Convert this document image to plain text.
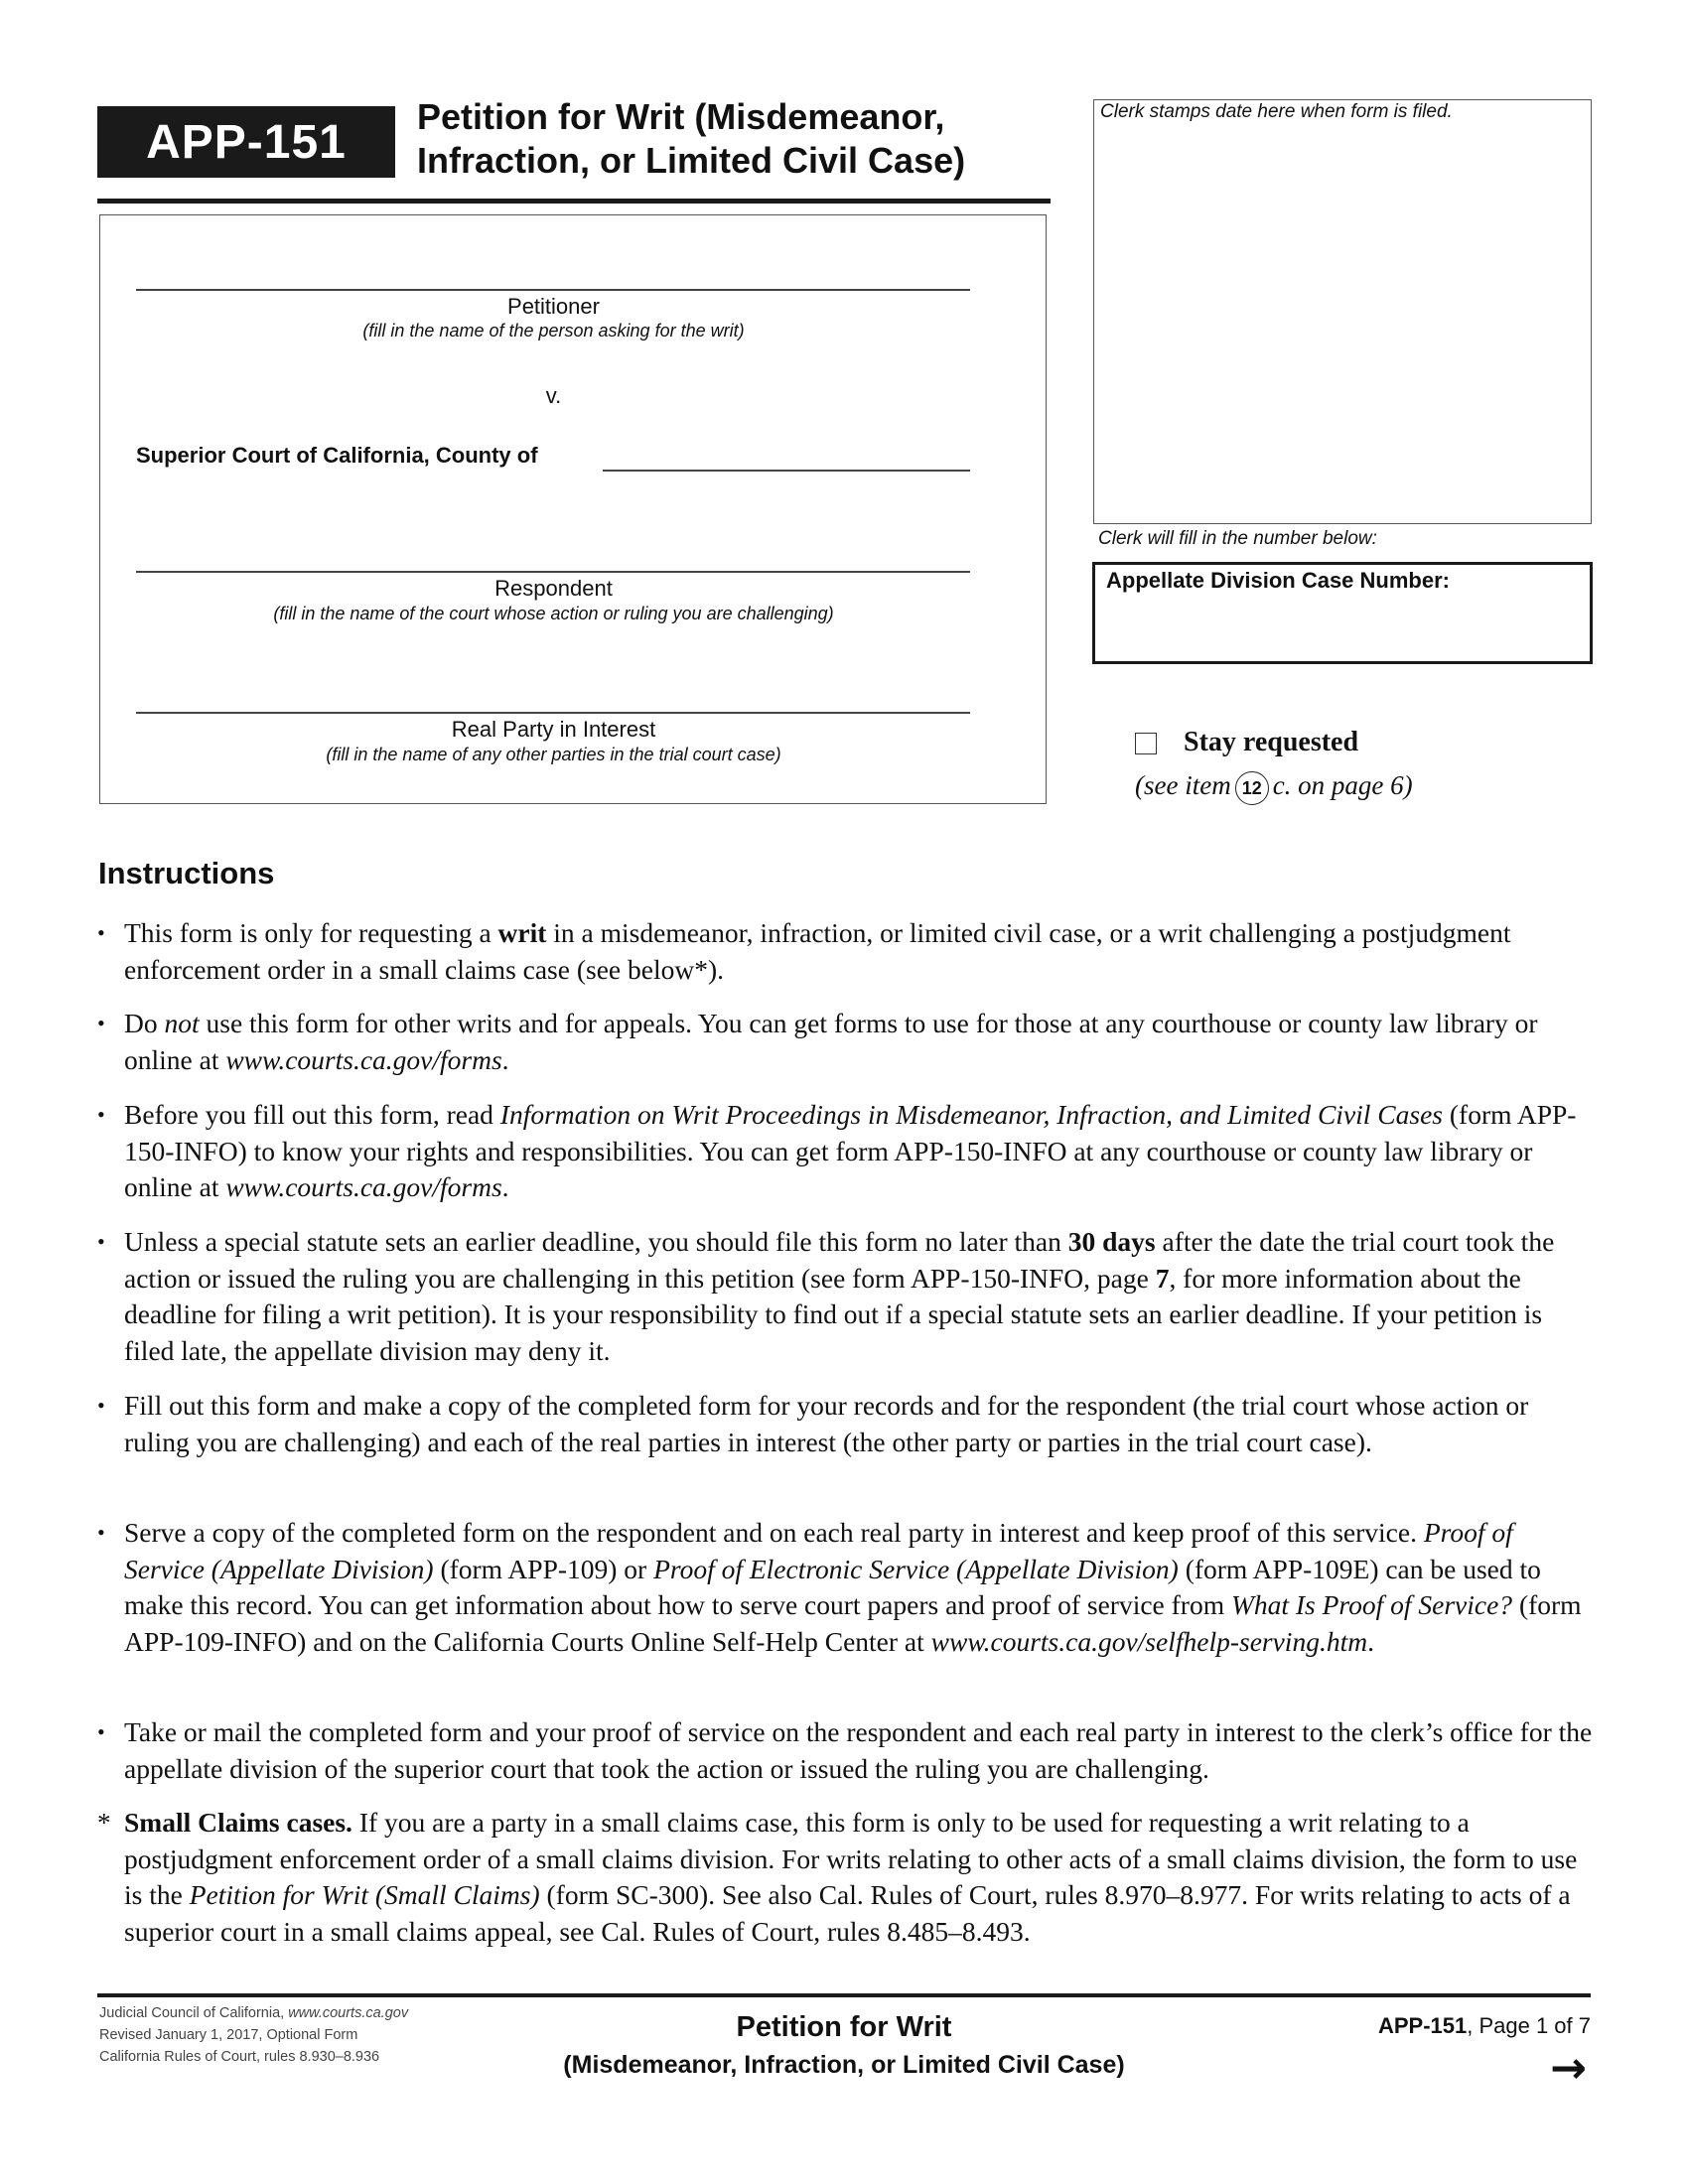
APP-151	Petition for Writ (Misdemeanor,
Infraction, or Limited Civil Case)
Petitioner
(fill in the name of the person asking for the writ)
v.
Superior Court of California, County of
Respondent
(fill in the name of the court whose action or ruling you are challenging)
Real Party in Interest
(fill in the name of any other parties in the trial court case)
Clerk stamps date here when form is filed.
Clerk will fill in the number below:
Appellate Division Case Number:
Stay requested
(see item 12 c. on page 6)
Instructions
• This form is only for requesting a writ in a misdemeanor, infraction, or limited civil case, or a writ challenging a postjudgment enforcement order in a small claims case (see below*).
• Do not use this form for other writs and for appeals. You can get forms to use for those at any courthouse or county law library or online at www.courts.ca.gov/forms.
• Before you fill out this form, read Information on Writ Proceedings in Misdemeanor, Infraction, and Limited Civil Cases (form APP-150-INFO) to know your rights and responsibilities. You can get form APP-150-INFO at any courthouse or county law library or online at www.courts.ca.gov/forms.
• Unless a special statute sets an earlier deadline, you should file this form no later than 30 days after the date the trial court took the action or issued the ruling you are challenging in this petition (see form APP-150-INFO, page 7, for more information about the deadline for filing a writ petition). It is your responsibility to find out if a special statute sets an earlier deadline. If your petition is filed late, the appellate division may deny it.
• Fill out this form and make a copy of the completed form for your records and for the respondent (the trial court whose action or ruling you are challenging) and each of the real parties in interest (the other party or parties in the trial court case).
• Serve a copy of the completed form on the respondent and on each real party in interest and keep proof of this service. Proof of Service (Appellate Division) (form APP-109) or Proof of Electronic Service (Appellate Division) (form APP-109E) can be used to make this record. You can get information about how to serve court papers and proof of service from What Is Proof of Service? (form APP-109-INFO) and on the California Courts Online Self-Help Center at www.courts.ca.gov/selfhelp-serving.htm.
• Take or mail the completed form and your proof of service on the respondent and each real party in interest to the clerk’s office for the appellate division of the superior court that took the action or issued the ruling you are challenging.
* Small Claims cases. If you are a party in a small claims case, this form is only to be used for requesting a writ relating to a postjudgment enforcement order of a small claims division. For writs relating to other acts of a small claims division, the form to use is the Petition for Writ (Small Claims) (form SC-300). See also Cal. Rules of Court, rules 8.970–8.977. For writs relating to acts of a superior court in a small claims appeal, see Cal. Rules of Court, rules 8.485–8.493.
Judicial Council of California, www.courts.ca.gov
Revised January 1, 2017, Optional Form
California Rules of Court, rules 8.930–8.936
Petition for Writ
(Misdemeanor, Infraction, or Limited Civil Case)
APP-151, Page 1 of 7
→
